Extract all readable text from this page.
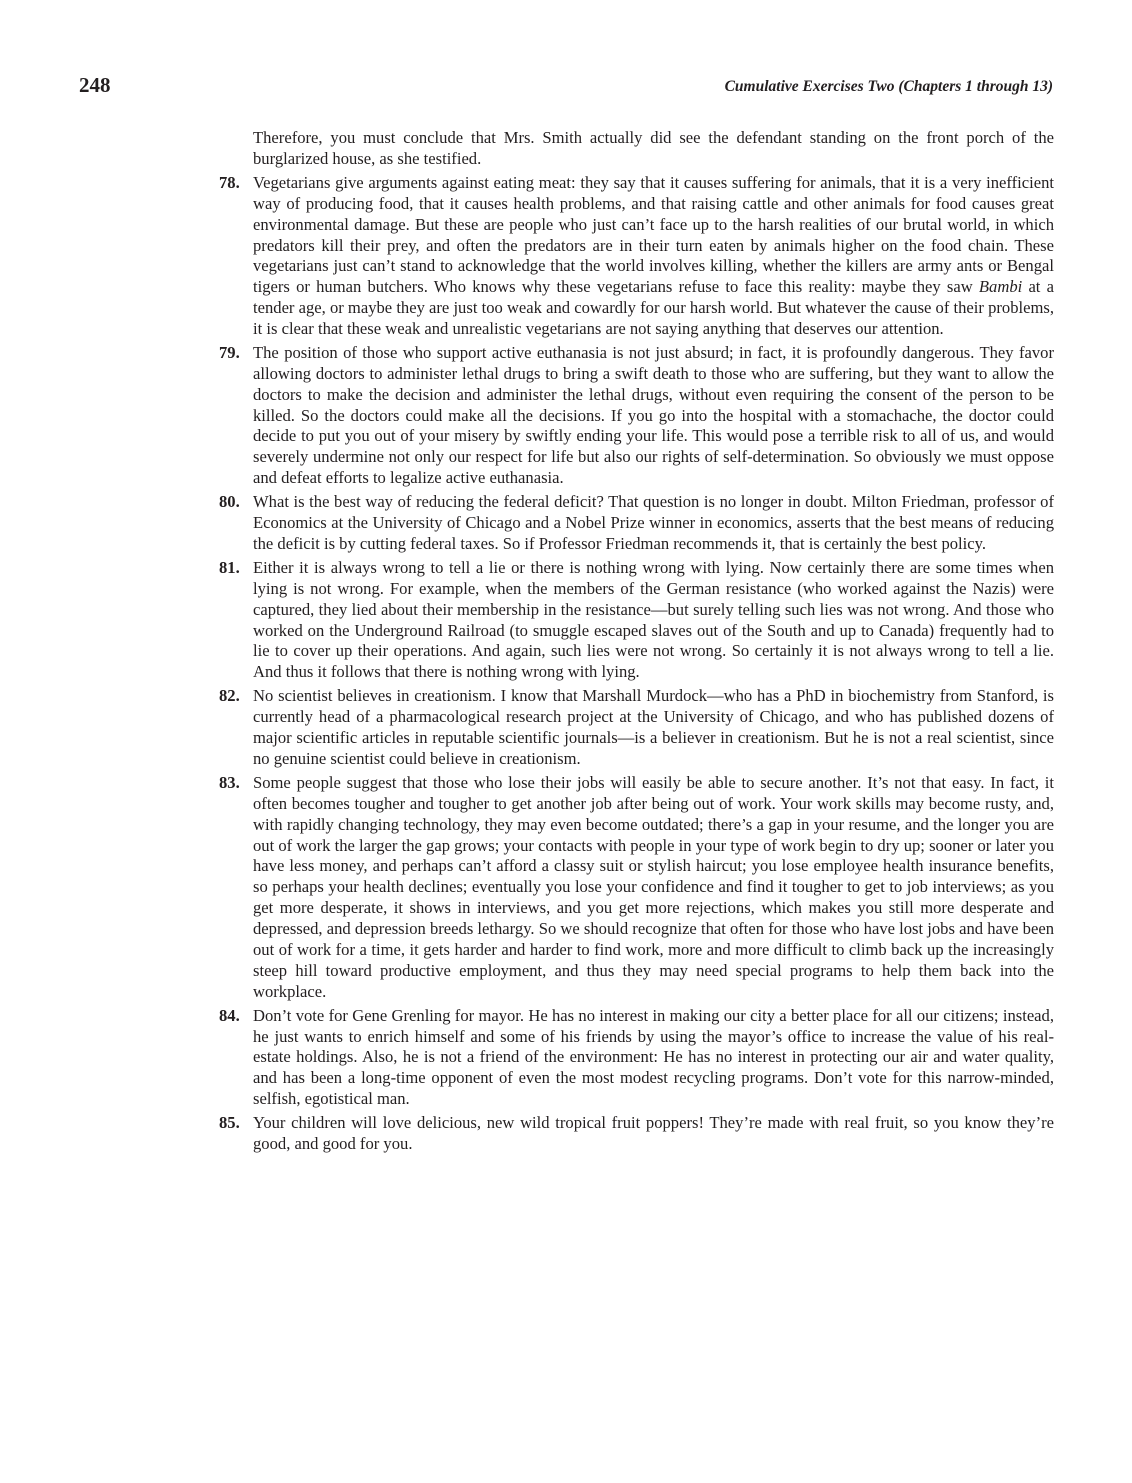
248	Cumulative Exercises Two (Chapters 1 through 13)

Therefore, you must conclude that Mrs. Smith actually did see the defendant standing on the front porch of the burglarized house, as she testified.

78. Vegetarians give arguments against eating meat: they say that it causes suffering for animals, that it is a very inefficient way of producing food, that it causes health problems, and that raising cattle and other animals for food causes great environmental damage. But these are people who just can’t face up to the harsh realities of our brutal world, in which predators kill their prey, and often the predators are in their turn eaten by animals higher on the food chain. These vegetarians just can’t stand to acknowledge that the world involves killing, whether the killers are army ants or Bengal tigers or human butchers. Who knows why these vegetarians refuse to face this reality: maybe they saw Bambi at a tender age, or maybe they are just too weak and cowardly for our harsh world. But whatever the cause of their problems, it is clear that these weak and unrealistic vegetarians are not saying anything that deserves our attention.

79. The position of those who support active euthanasia is not just absurd; in fact, it is profoundly dangerous. They favor allowing doctors to administer lethal drugs to bring a swift death to those who are suffering, but they want to allow the doctors to make the decision and administer the lethal drugs, without even requiring the consent of the person to be killed. So the doctors could make all the decisions. If you go into the hospital with a stomachache, the doctor could decide to put you out of your misery by swiftly ending your life. This would pose a terrible risk to all of us, and would severely undermine not only our respect for life but also our rights of self-determination. So obviously we must oppose and defeat efforts to legalize active euthanasia.

80. What is the best way of reducing the federal deficit? That question is no longer in doubt. Milton Friedman, professor of Economics at the University of Chicago and a Nobel Prize winner in economics, asserts that the best means of reducing the deficit is by cutting federal taxes. So if Professor Friedman recommends it, that is certainly the best policy.

81. Either it is always wrong to tell a lie or there is nothing wrong with lying. Now certainly there are some times when lying is not wrong. For example, when the members of the German resistance (who worked against the Nazis) were captured, they lied about their membership in the resistance—but surely telling such lies was not wrong. And those who worked on the Underground Railroad (to smuggle escaped slaves out of the South and up to Canada) frequently had to lie to cover up their operations. And again, such lies were not wrong. So certainly it is not always wrong to tell a lie. And thus it follows that there is nothing wrong with lying.

82. No scientist believes in creationism. I know that Marshall Murdock—who has a PhD in biochemistry from Stanford, is currently head of a pharmacological research project at the University of Chicago, and who has published dozens of major scientific articles in reputable scientific journals—is a believer in creationism. But he is not a real scientist, since no genuine scientist could believe in creationism.

83. Some people suggest that those who lose their jobs will easily be able to secure another. It’s not that easy. In fact, it often becomes tougher and tougher to get another job after being out of work. Your work skills may become rusty, and, with rapidly changing technology, they may even become outdated; there’s a gap in your resume, and the longer you are out of work the larger the gap grows; your contacts with people in your type of work begin to dry up; sooner or later you have less money, and perhaps can’t afford a classy suit or stylish haircut; you lose employee health insurance benefits, so perhaps your health declines; eventually you lose your confidence and find it tougher to get to job interviews; as you get more desperate, it shows in interviews, and you get more rejections, which makes you still more desperate and depressed, and depression breeds lethargy. So we should recognize that often for those who have lost jobs and have been out of work for a time, it gets harder and harder to find work, more and more difficult to climb back up the increasingly steep hill toward productive employment, and thus they may need special programs to help them back into the workplace.

84. Don’t vote for Gene Grenling for mayor. He has no interest in making our city a better place for all our citizens; instead, he just wants to enrich himself and some of his friends by using the mayor’s office to increase the value of his real-estate holdings. Also, he is not a friend of the environment: He has no interest in protecting our air and water quality, and has been a long-time opponent of even the most modest recycling programs. Don’t vote for this narrow-minded, selfish, egotistical man.

85. Your children will love delicious, new wild tropical fruit poppers! They’re made with real fruit, so you know they’re good, and good for you.
